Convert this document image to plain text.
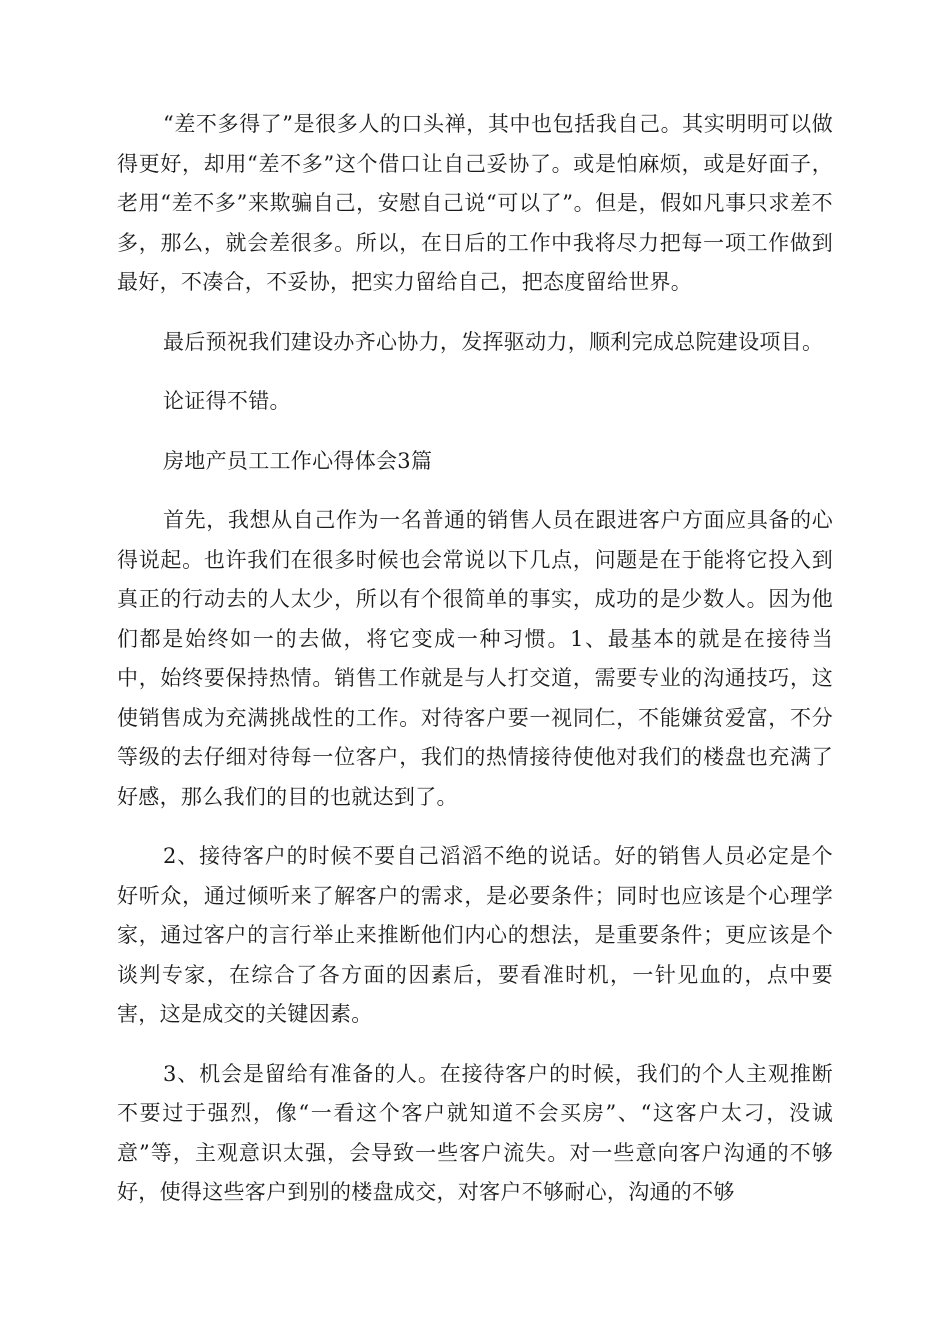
“差不多得了”是很多人的口头禅，其中也包括我自己。其实明明可以做得更好，却用“差不多”这个借口让自己妥协了。或是怕麻烦，或是好面子，老用“差不多”来欺骗自己，安慰自己说“可以了”。但是，假如凡事只求差不多，那么，就会差很多。所以，在日后的工作中我将尽力把每一项工作做到最好，不凑合，不妥协，把实力留给自己，把态度留给世界。

最后预祝我们建设办齐心协力，发挥驱动力，顺利完成总院建设项目。

论证得不错。

房地产员工工作心得体会3篇

首先，我想从自己作为一名普通的销售人员在跟进客户方面应具备的心得说起。也许我们在很多时候也会常说以下几点，问题是在于能将它投入到真正的行动去的人太少，所以有个很简单的事实，成功的是少数人。因为他们都是始终如一的去做，将它变成一种习惯。1、最基本的就是在接待当中，始终要保持热情。销售工作就是与人打交道，需要专业的沟通技巧，这使销售成为充满挑战性的工作。对待客户要一视同仁，不能嫌贫爱富，不分等级的去仔细对待每一位客户，我们的热情接待使他对我们的楼盘也充满了好感，那么我们的目的也就达到了。

2、接待客户的时候不要自己滔滔不绝的说话。好的销售人员必定是个好听众，通过倾听来了解客户的需求，是必要条件；同时也应该是个心理学家，通过客户的言行举止来推断他们内心的想法，是重要条件；更应该是个谈判专家，在综合了各方面的因素后，要看准时机，一针见血的，点中要害，这是成交的关键因素。

3、机会是留给有准备的人。在接待客户的时候，我们的个人主观推断不要过于强烈，像“一看这个客户就知道不会买房”、“这客户太刁，没诚意”等，主观意识太强，会导致一些客户流失。对一些意向客户沟通的不够好，使得这些客户到别的楼盘成交，对客户不够耐心，沟通的不够
